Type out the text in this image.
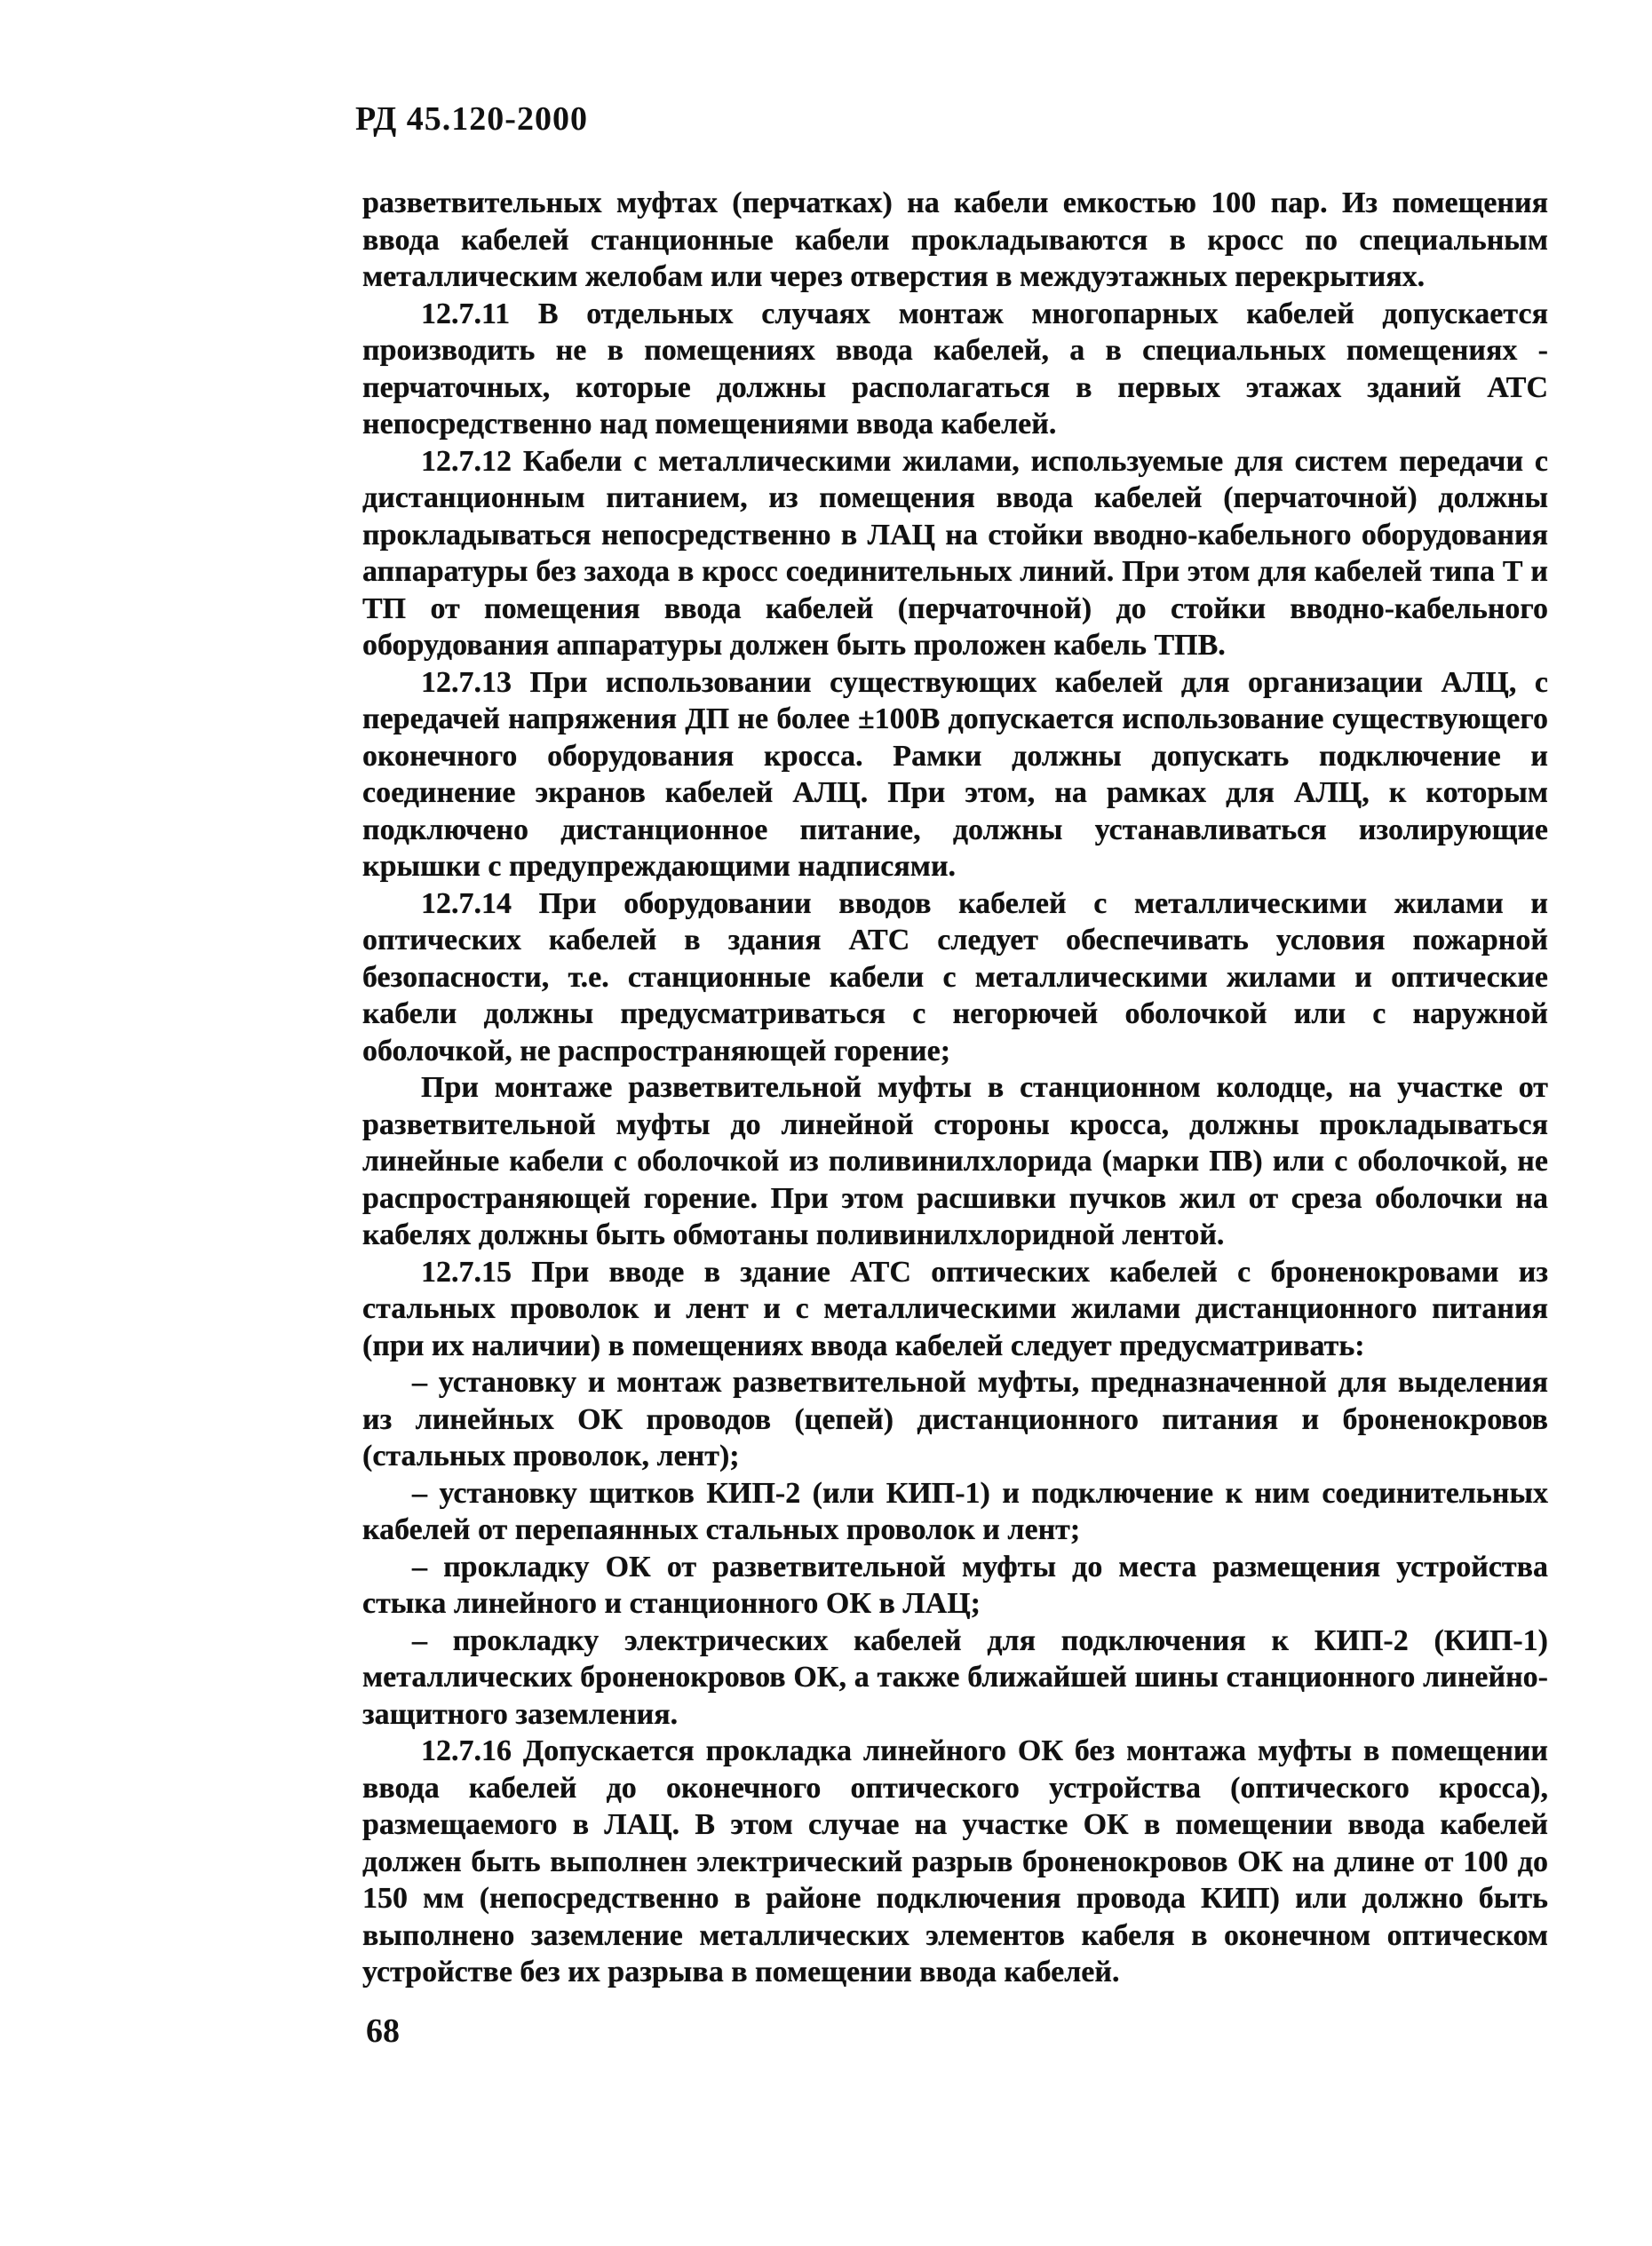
РД 45.120-2000

разветвительных муфтах (перчатках) на кабели емкостью 100 пар. Из помещения ввода кабелей станционные кабели прокладываются в кросс по специальным металлическим желобам или через отверстия в междуэтажных перекрытиях.

12.7.11 В отдельных случаях монтаж многопарных кабелей допускается производить не в помещениях ввода кабелей, а в специальных помещениях - перчаточных, которые должны располагаться в первых этажах зданий АТС непосредственно над помещениями ввода кабелей.

12.7.12 Кабели с металлическими жилами, используемые для систем передачи с дистанционным питанием, из помещения ввода кабелей (перчаточной) должны прокладываться непосредственно в ЛАЦ на стойки вводно-кабельного оборудования аппаратуры без захода в кросс соединительных линий. При этом для кабелей типа Т и ТП от помещения ввода кабелей (перчаточной) до стойки вводно-кабельного оборудования аппаратуры должен быть проложен кабель ТПВ.

12.7.13 При использовании существующих кабелей для организации АЛЦ, с передачей напряжения ДП не более ±100В допускается использование существующего оконечного оборудования кросса. Рамки должны допускать подключение и соединение экранов кабелей АЛЦ. При этом, на рамках для АЛЦ, к которым подключено дистанционное питание, должны устанавливаться изолирующие крышки с предупреждающими надписями.

12.7.14 При оборудовании вводов кабелей с металлическими жилами и оптических кабелей в здания АТС следует обеспечивать условия пожарной безопасности, т.е. станционные кабели с металлическими жилами и оптические кабели должны предусматриваться с негорючей оболочкой или с наружной оболочкой, не распространяющей горение;

При монтаже разветвительной муфты в станционном колодце, на участке от разветвительной муфты до линейной стороны кросса, должны прокладываться линейные кабели с оболочкой из поливинилхлорида (марки ПВ) или с оболочкой, не распространяющей горение. При этом расшивки пучков жил от среза оболочки на кабелях должны быть обмотаны поливинилхлоридной лентой.

12.7.15 При вводе в здание АТС оптических кабелей с броненокровами из стальных проволок и лент и с металлическими жилами дистанционного питания (при их наличии) в помещениях ввода кабелей следует предусматривать:

– установку и монтаж разветвительной муфты, предназначенной для выделения из линейных ОК проводов (цепей) дистанционного питания и броненокровов (стальных проволок, лент);

– установку щитков КИП-2 (или КИП-1) и подключение к ним соединительных кабелей от перепаянных стальных проволок и лент;

– прокладку ОК от разветвительной муфты до места размещения устройства стыка линейного и станционного ОК в ЛАЦ;

– прокладку электрических кабелей для подключения к КИП-2 (КИП-1) металлических броненокровов ОК, а также ближайшей шины станционного линейно-защитного заземления.

12.7.16 Допускается прокладка линейного ОК без монтажа муфты в помещении ввода кабелей до оконечного оптического устройства (оптического кросса), размещаемого в ЛАЦ. В этом случае на участке ОК в помещении ввода кабелей должен быть выполнен электрический разрыв броненокровов ОК на длине от 100 до 150 мм (непосредственно в районе подключения провода КИП) или должно быть выполнено заземление металлических элементов кабеля в оконечном оптическом устройстве без их разрыва в помещении ввода кабелей.

68
